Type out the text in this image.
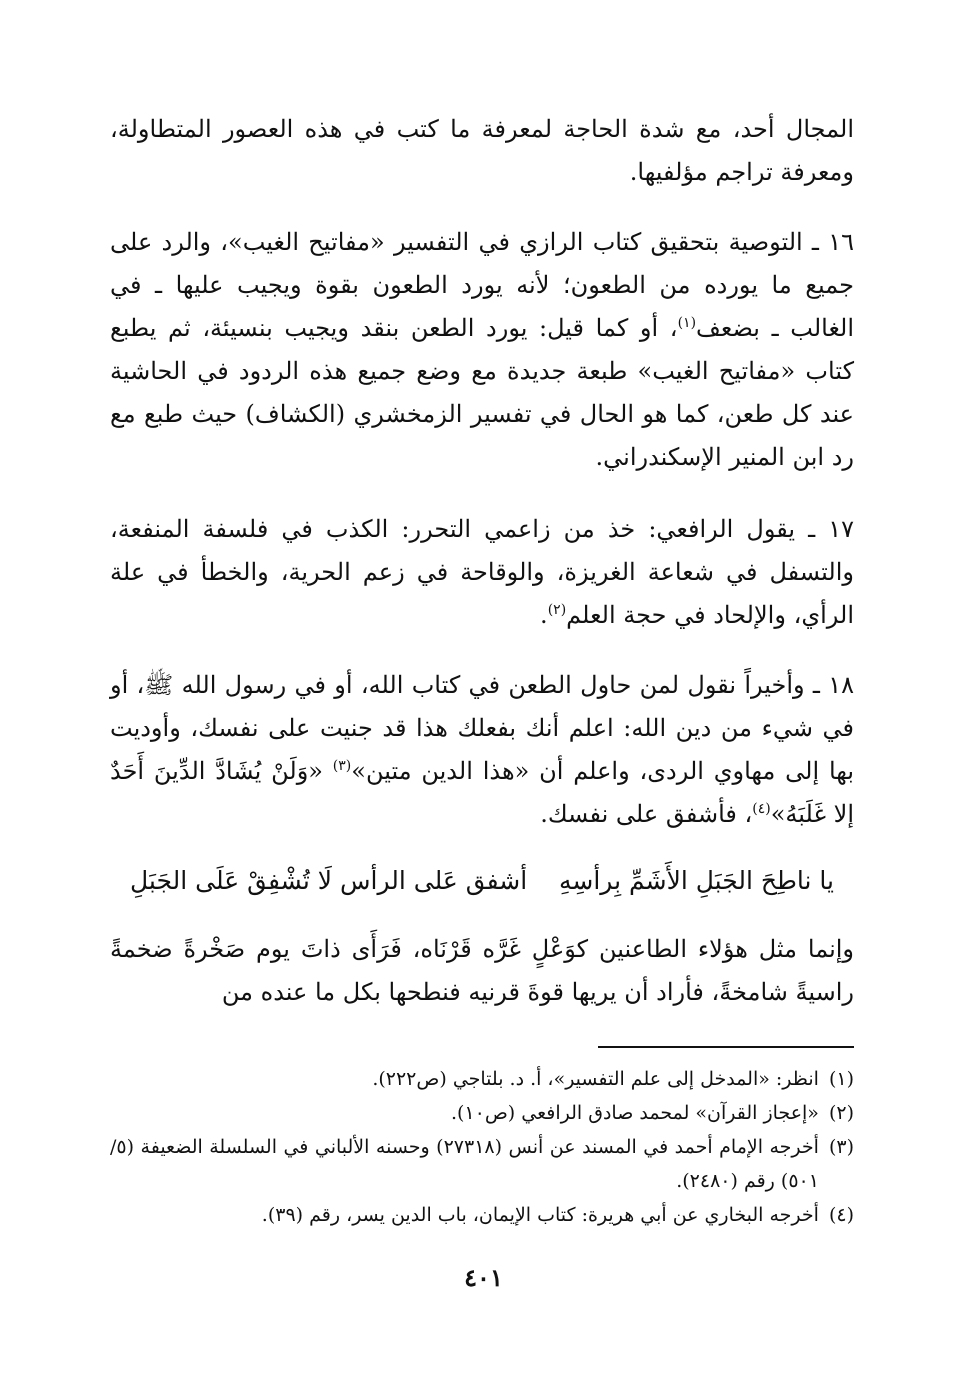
المجال أحد، مع شدة الحاجة لمعرفة ما كتب في هذه العصور المتطاولة، ومعرفة تراجم مؤلفيها.

١٦ ـ التوصية بتحقيق كتاب الرازي في التفسير «مفاتيح الغيب»، والرد على جميع ما يورده من الطعون؛ لأنه يورد الطعون بقوة ويجيب عليها ـ في الغالب ـ بضعف$^{(١)}$، أو كما قيل: يورد الطعن بنقد ويجيب بنسيئة، ثم يطبع كتاب «مفاتيح الغيب» طبعة جديدة مع وضع جميع هذه الردود في الحاشية عند كل طعن، كما هو الحال في تفسير الزمخشري (الكشاف) حيث طبع مع رد ابن المنير الإسكندراني.

١٧ ـ يقول الرافعي: خذ من زاعمي التحرر: الكذب في فلسفة المنفعة، والتسفل في شعاعة الغريزة، والوقاحة في زعم الحرية، والخطأ في علة الرأي، والإلحاد في حجة العلم$^{(٢)}$.

١٨ ـ وأخيراً نقول لمن حاول الطعن في كتاب الله، أو في رسول الله ﷺ، أو في شيء من دين الله: اعلم أنك بفعلك هذا قد جنيت على نفسك، وأوديت بها إلى مهاوي الردى، واعلم أن «هذا الدين متين»$^{(٣)}$ «وَلَنْ يُشَادَّ الدِّينَ أَحَدٌ إلا غَلَبَهُ»$^{(٤)}$، فأشفق على نفسك.

يا ناطِحَ الجَبَلِ الأَشَمِّ بِرأسِهِ
أشفق عَلى الرأس لَا تُشْفِقْ عَلَى الجَبَلِ

وإنما مثل هؤلاء الطاعنين كوَعْلٍ غَرَّه قَرْنَاه، فَرَأَى ذاتَ يوم صَخْرةً ضخمةً راسيةً شامخةً، فأراد أن يريها قوةَ قرنيه فنطحها بكل ما عنده من

(١)
انظر: «المدخل إلى علم التفسير»، أ. د. بلتاجي (ص٢٢٢).
(٢)
«إعجاز القرآن» لمحمد صادق الرافعي (ص١٠).
(٣)
أخرجه الإمام أحمد في المسند عن أنس (٢٧٣١٨) وحسنه الألباني في السلسلة الضعيفة (٥/ ٥٠١) رقم (٢٤٨٠).
(٤)
أخرجه البخاري عن أبي هريرة: كتاب الإيمان، باب الدين يسر، رقم (٣٩).
٤٠١
